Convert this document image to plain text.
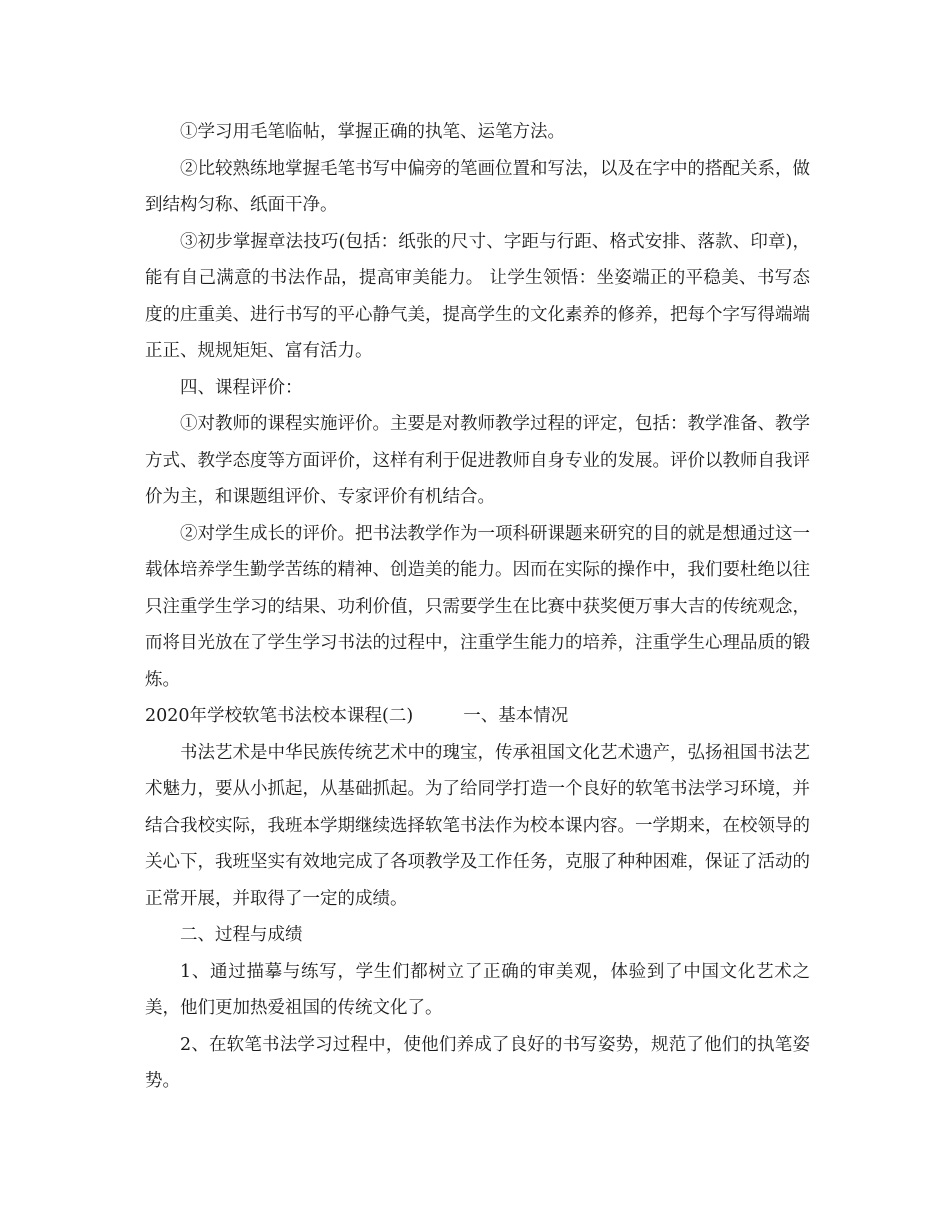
①学习用毛笔临帖，掌握正确的执笔、运笔方法。

②比较熟练地掌握毛笔书写中偏旁的笔画位置和写法，以及在字中的搭配关系，做到结构匀称、纸面干净。

③初步掌握章法技巧(包括：纸张的尺寸、字距与行距、格式安排、落款、印章)，能有自己满意的书法作品，提高审美能力。 让学生领悟：坐姿端正的平稳美、书写态度的庄重美、进行书写的平心静气美，提高学生的文化素养的修养，把每个字写得端端正正、规规矩矩、富有活力。

四、课程评价：

①对教师的课程实施评价。主要是对教师教学过程的评定，包括：教学准备、教学方式、教学态度等方面评价，这样有利于促进教师自身专业的发展。评价以教师自我评价为主，和课题组评价、专家评价有机结合。

②对学生成长的评价。把书法教学作为一项科研课题来研究的目的就是想通过这一载体培养学生勤学苦练的精神、创造美的能力。因而在实际的操作中，我们要杜绝以往只注重学生学习的结果、功利价值，只需要学生在比赛中获奖便万事大吉的传统观念，而将目光放在了学生学习书法的过程中，注重学生能力的培养，注重学生心理品质的锻炼。

2020年学校软笔书法校本课程(二)	一、基本情况

书法艺术是中华民族传统艺术中的瑰宝，传承祖国文化艺术遗产，弘扬祖国书法艺术魅力，要从小抓起，从基础抓起。为了给同学打造一个良好的软笔书法学习环境，并结合我校实际，我班本学期继续选择软笔书法作为校本课内容。一学期来，在校领导的关心下，我班坚实有效地完成了各项教学及工作任务，克服了种种困难，保证了活动的正常开展，并取得了一定的成绩。

二、过程与成绩

1、通过描摹与练写，学生们都树立了正确的审美观，体验到了中国文化艺术之美，他们更加热爱祖国的传统文化了。

2、在软笔书法学习过程中，使他们养成了良好的书写姿势，规范了他们的执笔姿势。
